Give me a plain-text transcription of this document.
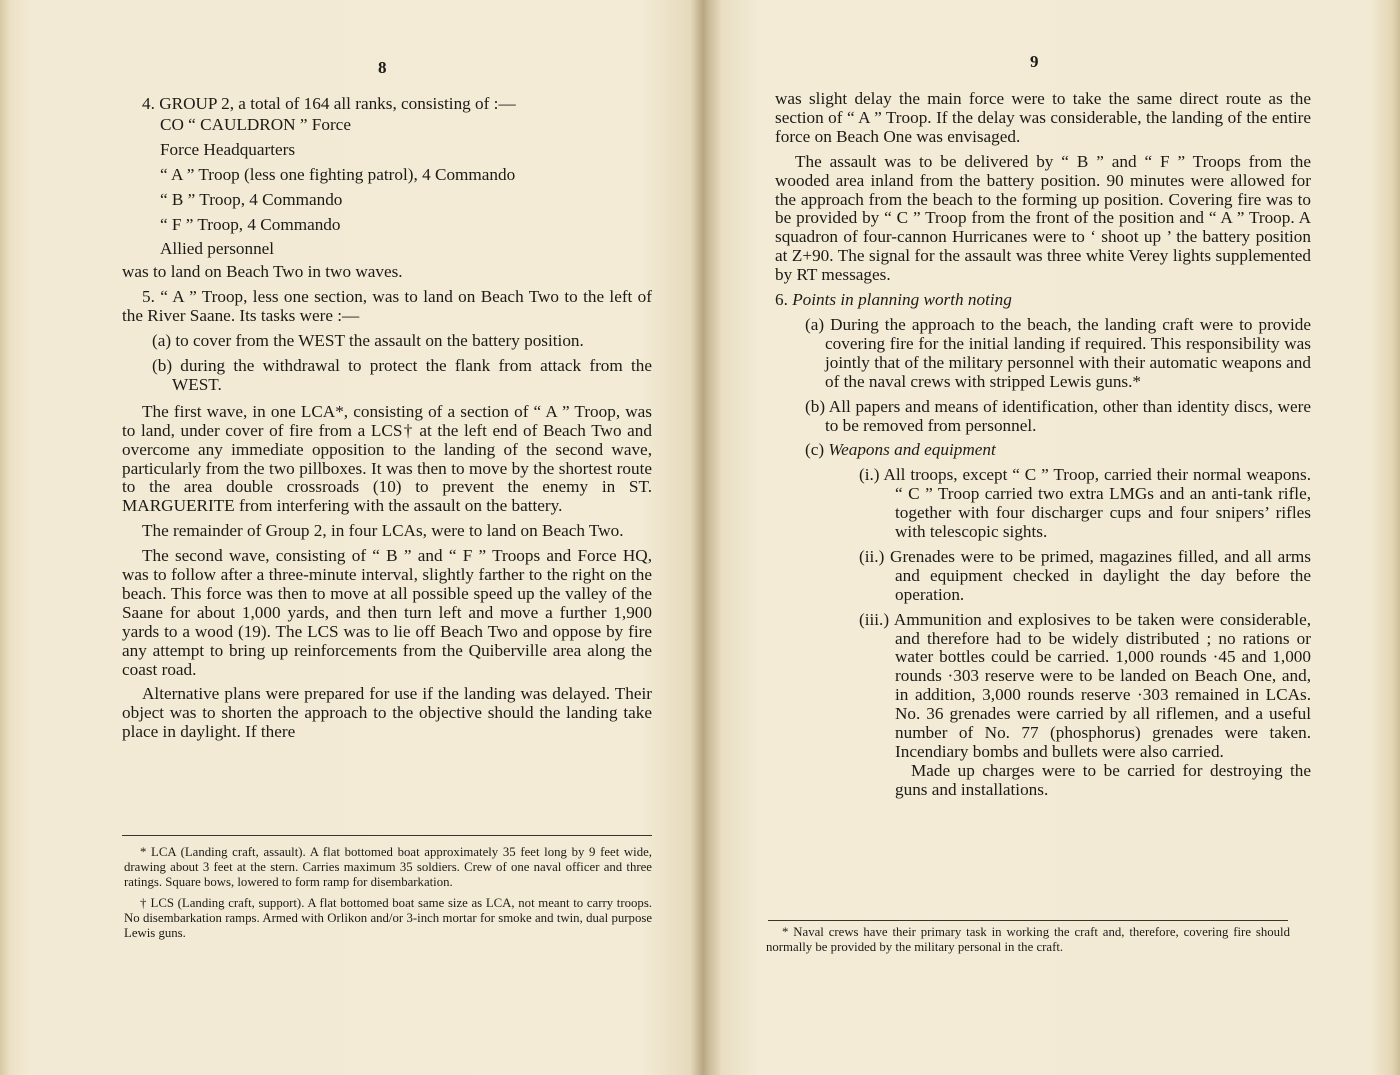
8

4. GROUP 2, a total of 164 all ranks, consisting of :—

CO “ CAULDRON ” Force

Force Headquarters

“ A ” Troop (less one fighting patrol), 4 Commando

“ B ” Troop, 4 Commando

“ F ” Troop, 4 Commando

Allied personnel

was to land on Beach Two in two waves.

5. “ A ” Troop, less one section, was to land on Beach Two to the left of the River Saane. Its tasks were :—

(a) to cover from the WEST the assault on the battery position.

(b) during the withdrawal to protect the flank from attack from the WEST.

The first wave, in one LCA*, consisting of a section of “ A ” Troop, was to land, under cover of fire from a LCS† at the left end of Beach Two and overcome any immediate opposition to the landing of the second wave, particularly from the two pillboxes. It was then to move by the shortest route to the area double crossroads (10) to prevent the enemy in ST. MARGUERITE from interfering with the assault on the battery.

The remainder of Group 2, in four LCAs, were to land on Beach Two.

The second wave, consisting of “ B ” and “ F ” Troops and Force HQ, was to follow after a three-minute interval, slightly farther to the right on the beach. This force was then to move at all possible speed up the valley of the Saane for about 1,000 yards, and then turn left and move a further 1,900 yards to a wood (19). The LCS was to lie off Beach Two and oppose by fire any attempt to bring up reinforcements from the Quiberville area along the coast road.

Alternative plans were prepared for use if the landing was delayed. Their object was to shorten the approach to the objective should the landing take place in daylight. If there

* LCA (Landing craft, assault). A flat bottomed boat approximately 35 feet long by 9 feet wide, drawing about 3 feet at the stern. Carries maximum 35 soldiers. Crew of one naval officer and three ratings. Square bows, lowered to form ramp for disembarkation.

† LCS (Landing craft, support). A flat bottomed boat same size as LCA, not meant to carry troops. No disembarkation ramps. Armed with Orlikon and/or 3-inch mortar for smoke and twin, dual purpose Lewis guns.

9

was slight delay the main force were to take the same direct route as the section of “ A ” Troop. If the delay was considerable, the landing of the entire force on Beach One was envisaged.

The assault was to be delivered by “ B ” and “ F ” Troops from the wooded area inland from the battery position. 90 minutes were allowed for the approach from the beach to the forming up position. Covering fire was to be provided by “ C ” Troop from the front of the position and “ A ” Troop. A squadron of four-cannon Hurricanes were to ‘ shoot up ’ the battery position at Z+90. The signal for the assault was three white Verey lights supplemented by RT messages.

6. Points in planning worth noting

(a) During the approach to the beach, the landing craft were to provide covering fire for the initial landing if required. This responsibility was jointly that of the military personnel with their automatic weapons and of the naval crews with stripped Lewis guns.*

(b) All papers and means of identification, other than identity discs, were to be removed from personnel.

(c) Weapons and equipment

(i.) All troops, except “ C ” Troop, carried their normal weapons. “ C ” Troop carried two extra LMGs and an anti-tank rifle, together with four discharger cups and four snipers’ rifles with telescopic sights.

(ii.) Grenades were to be primed, magazines filled, and all arms and equipment checked in daylight the day before the operation.

(iii.) Ammunition and explosives to be taken were considerable, and therefore had to be widely distributed ; no rations or water bottles could be carried. 1,000 rounds ·45 and 1,000 rounds ·303 reserve were to be landed on Beach One, and, in addition, 3,000 rounds reserve ·303 remained in LCAs. No. 36 grenades were carried by all riflemen, and a useful number of No. 77 (phosphorus) grenades were taken. Incendiary bombs and bullets were also carried.

Made up charges were to be carried for destroying the guns and installations.

* Naval crews have their primary task in working the craft and, therefore, covering fire should normally be provided by the military personal in the craft.
